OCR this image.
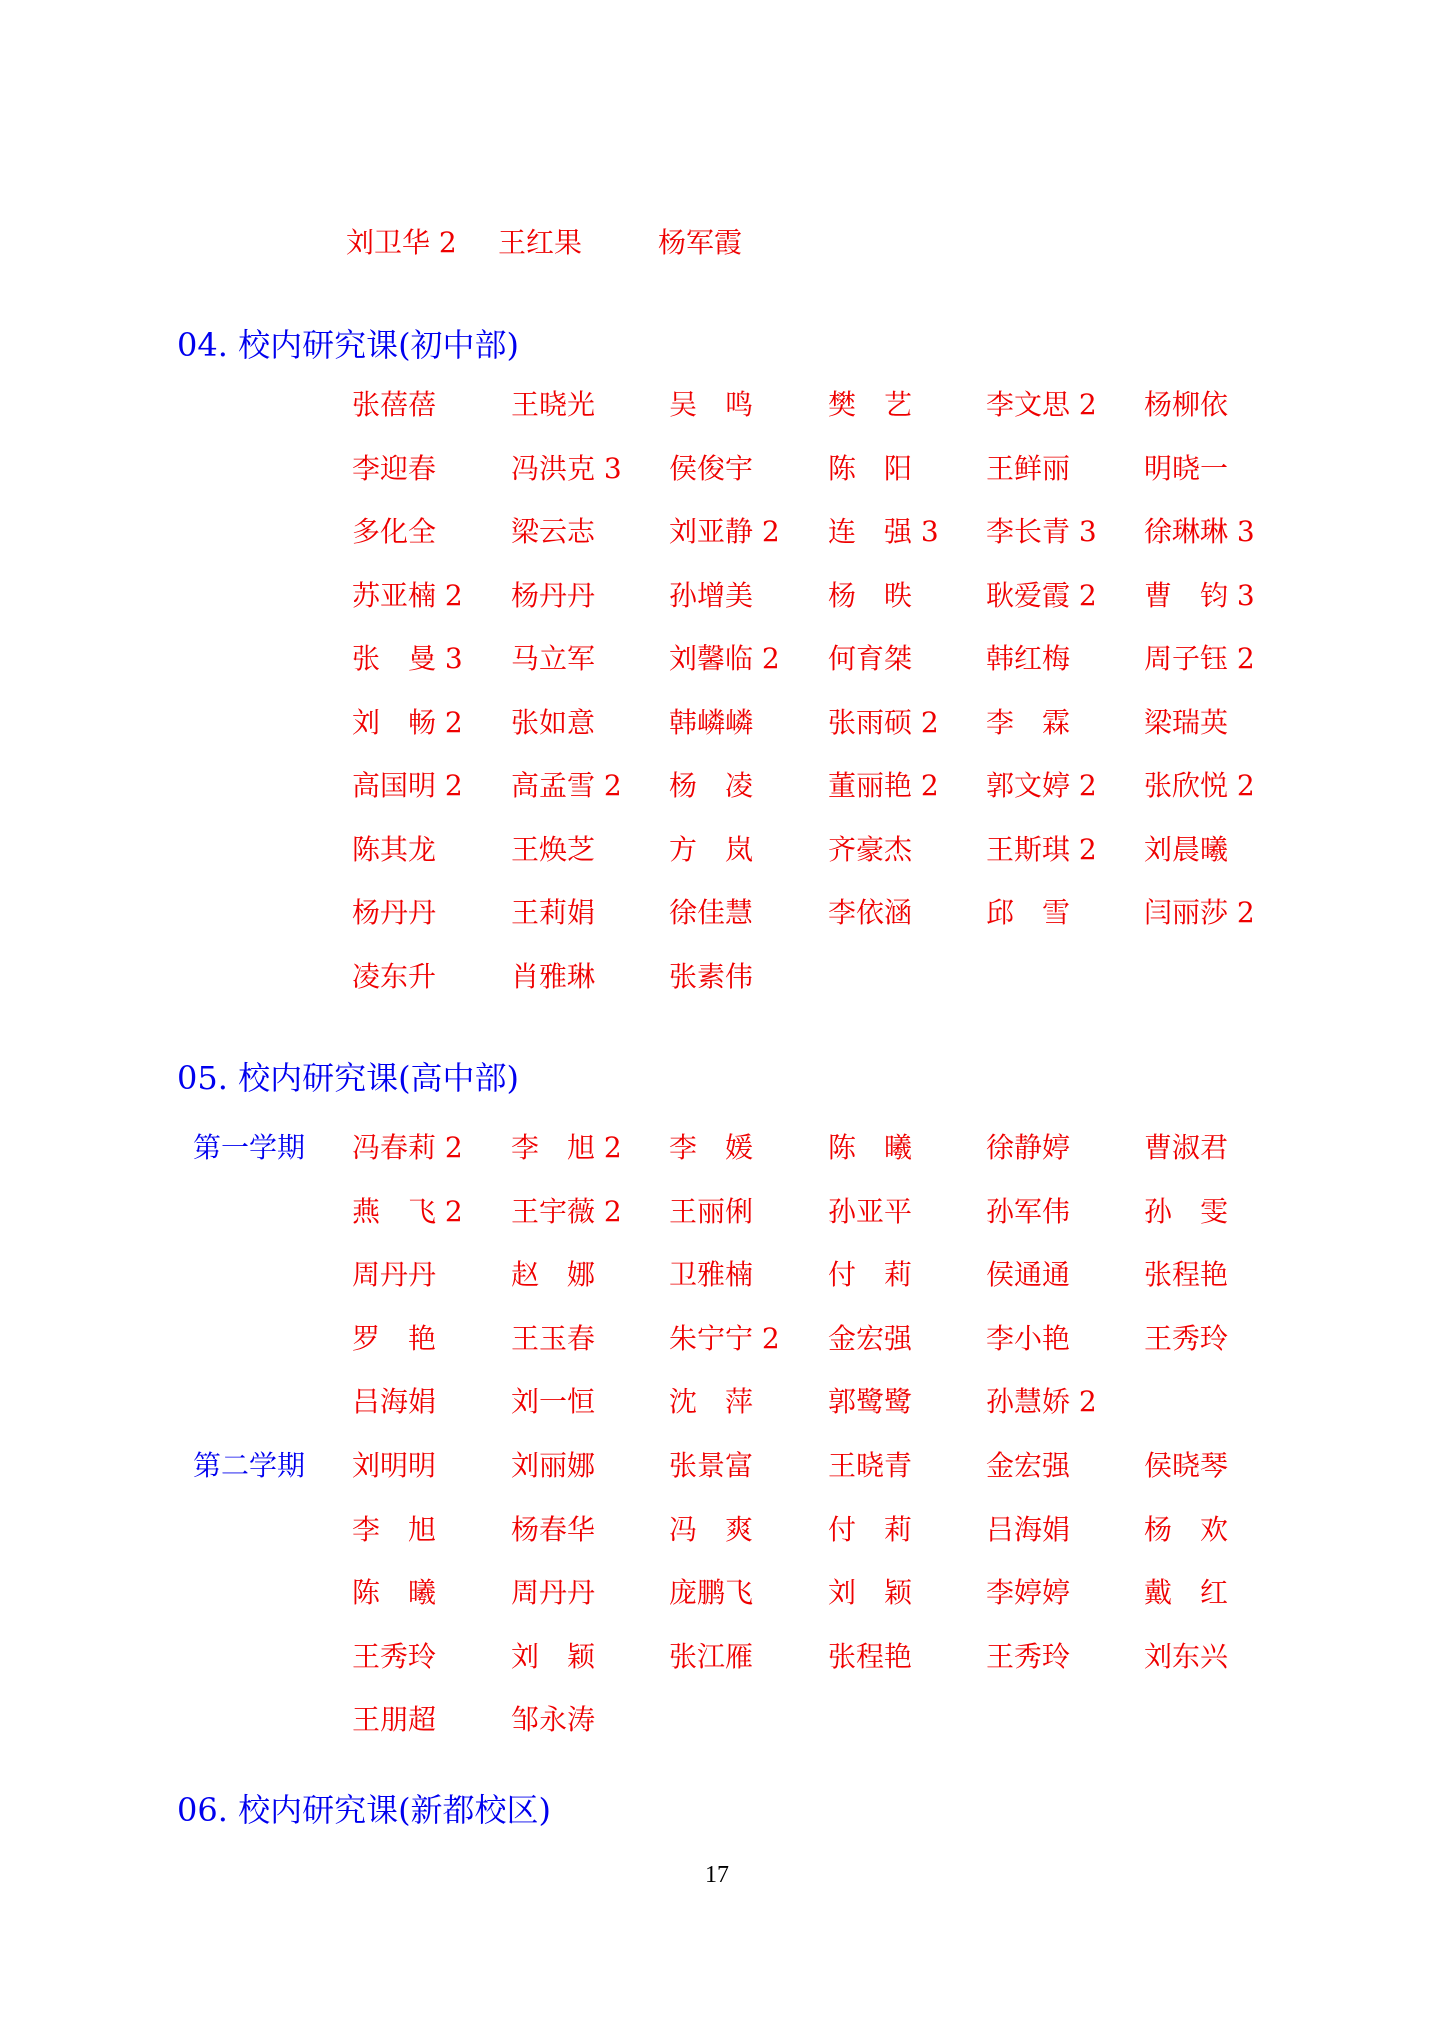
刘卫华 2 王红果	杨军霞
04. 校内研究课(初中部)
张蓓蓓	王晓光	吴　鸣	樊　艺	李文思 2 杨柳依
李迎春	冯洪克 3 侯俊宇	陈　阳	王鲜丽	明晓一
多化全	梁云志	刘亚静 2 连　强 3 李长青 3 徐琳琳 3
苏亚楠 2 杨丹丹	孙增美	杨　昳	耿爱霞 2 曹　钧 3
张　曼 3 马立军	刘馨临 2 何育桀	韩红梅	周子钰 2
刘　畅 2 张如意	韩嶙嶙	张雨硕 2 李　霖	梁瑞英
高国明 2 高孟雪 2 杨　凌	董丽艳 2 郭文婷 2 张欣悦 2
陈其龙	王焕芝	方　岚	齐豪杰	王斯琪 2 刘晨曦
杨丹丹	王莉娟	徐佳慧	李依涵	邱　雪	闫丽莎 2
凌东升	肖雅琳	张素伟
05. 校内研究课(高中部)
第一学期 冯春莉 2 李　旭 2 李　媛	陈　曦	徐静婷	曹淑君
燕　飞 2 王宇薇 2 王丽俐	孙亚平	孙军伟	孙　雯
周丹丹	赵　娜	卫雅楠	付　莉	侯通通	张程艳
罗　艳	王玉春	朱宁宁 2 金宏强	李小艳	王秀玲
吕海娟	刘一恒	沈　萍	郭鹭鹭	孙慧娇 2
第二学期 刘明明	刘丽娜	张景富	王晓青	金宏强	侯晓琴
李　旭	杨春华	冯　爽	付　莉	吕海娟	杨　欢
陈　曦	周丹丹	庞鹏飞	刘　颖	李婷婷	戴　红
王秀玲	刘　颖	张江雁	张程艳	王秀玲	刘东兴
王朋超	邹永涛
06. 校内研究课(新都校区)
17
